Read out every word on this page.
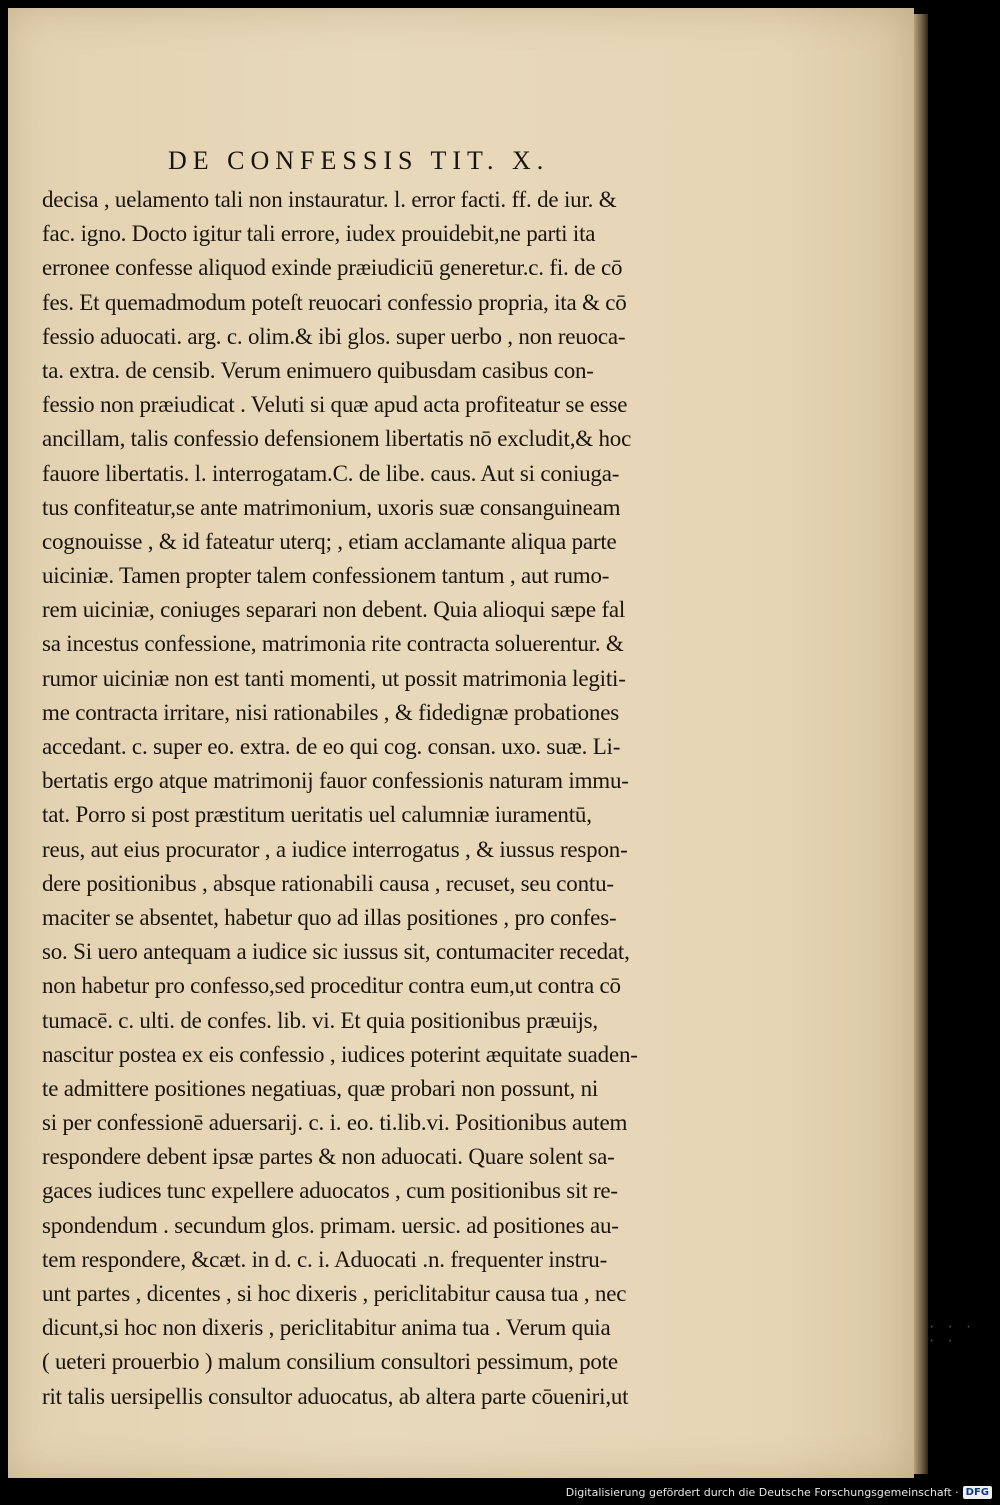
DE CONFESSIS TIT. X.
decisa , uelamento tali non instauratur. l. error facti. ff. de iur. &
fac. igno. Docto igitur tali errore, iudex prouidebit,ne parti ita
erronee confesse aliquod exinde præiudiciū generetur.c. fi. de cō
fes. Et quemadmodum poteſt reuocari confessio propria, ita & cō
fessio aduocati. arg. c. olim.& ibi glos. super uerbo , non reuoca-
ta. extra. de censib. Verum enimuero quibusdam casibus con-
fessio non præiudicat . Veluti si quæ apud acta profiteatur se esse
ancillam, talis confessio defensionem libertatis nō excludit,& hoc
fauore libertatis. l. interrogatam.C. de libe. caus. Aut si coniuga-
tus confiteatur,se ante matrimonium, uxoris suæ consanguineam
cognouisse , & id fateatur uterq; , etiam acclamante aliqua parte
uiciniæ. Tamen propter talem confessionem tantum , aut rumo-
rem uiciniæ, coniuges separari non debent. Quia alioqui sæpe fal
sa incestus confessione, matrimonia rite contracta soluerentur. &
rumor uiciniæ non est tanti momenti, ut possit matrimonia legiti-
me contracta irritare, nisi rationabiles , & fidedignæ probationes
accedant. c. super eo. extra. de eo qui cog. consan. uxo. suæ. Li-
bertatis ergo atque matrimonij fauor confessionis naturam immu-
tat. Porro si post præstitum ueritatis uel calumniæ iuramentū,
reus, aut eius procurator , a iudice interrogatus , & iussus respon-
dere positionibus , absque rationabili causa , recuset, seu contu-
maciter se absentet, habetur quo ad illas positiones , pro confes-
so. Si uero antequam a iudice sic iussus sit, contumaciter recedat,
non habetur pro confesso,sed proceditur contra eum,ut contra cō
tumacē. c. ulti. de confes. lib. vi. Et quia positionibus præuijs,
nascitur postea ex eis confessio , iudices poterint æquitate suaden-
te admittere positiones negatiuas, quæ probari non possunt, ni
si per confessionē aduersarij. c. i. eo. ti.lib.vi. Positionibus autem
respondere debent ipsæ partes & non aduocati. Quare solent sa-
gaces iudices tunc expellere aduocatos , cum positionibus sit re-
spondendum . secundum glos. primam. uersic. ad positiones au-
tem respondere, &cæt. in d. c. i. Aduocati .n. frequenter instru-
unt partes , dicentes , si hoc dixeris , periclitabitur causa tua , nec
dicunt,si hoc non dixeris , periclitabitur anima tua . Verum quia
( ueteri prouerbio ) malum consilium consultori pessimum, pote
rit talis uersipellis consultor aduocatus, ab altera parte cōueniri,ut
· · · · ·
Digitalisierung gefördert durch die Deutsche Forschungsgemeinschaft · DFG
